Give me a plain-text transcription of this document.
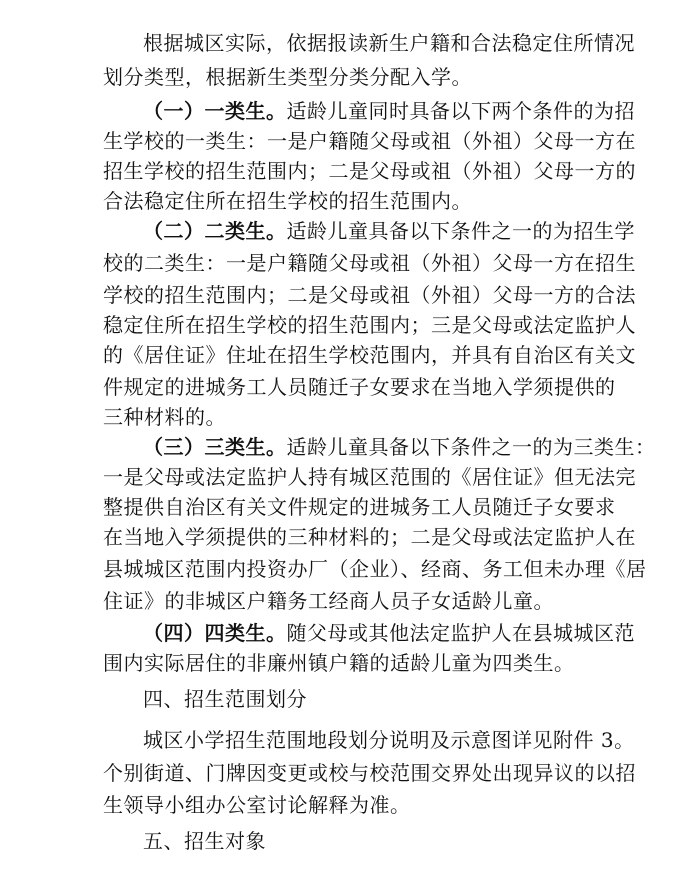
根据城区实际，依据报读新生户籍和合法稳定住所情况
划分类型，根据新生类型分类分配入学。
（一）一类生。适龄儿童同时具备以下两个条件的为招
生学校的一类生：一是户籍随父母或祖（外祖）父母一方在
招生学校的招生范围内；二是父母或祖（外祖）父母一方的
合法稳定住所在招生学校的招生范围内。
（二）二类生。适龄儿童具备以下条件之一的为招生学
校的二类生：一是户籍随父母或祖（外祖）父母一方在招生
学校的招生范围内；二是父母或祖（外祖）父母一方的合法
稳定住所在招生学校的招生范围内；三是父母或法定监护人
的《居住证》住址在招生学校范围内，并具有自治区有关文
件规定的进城务工人员随迁子女要求在当地入学须提供的
三种材料的。
（三）三类生。适龄儿童具备以下条件之一的为三类生：
一是父母或法定监护人持有城区范围的《居住证》但无法完
整提供自治区有关文件规定的进城务工人员随迁子女要求
在当地入学须提供的三种材料的；二是父母或法定监护人在
县城城区范围内投资办厂（企业）、经商、务工但未办理《居
住证》的非城区户籍务工经商人员子女适龄儿童。
（四）四类生。随父母或其他法定监护人在县城城区范
围内实际居住的非廉州镇户籍的适龄儿童为四类生。
四、招生范围划分
城区小学招生范围地段划分说明及示意图详见附件 3。
个别街道、门牌因变更或校与校范围交界处出现异议的以招
生领导小组办公室讨论解释为准。
五、招生对象
